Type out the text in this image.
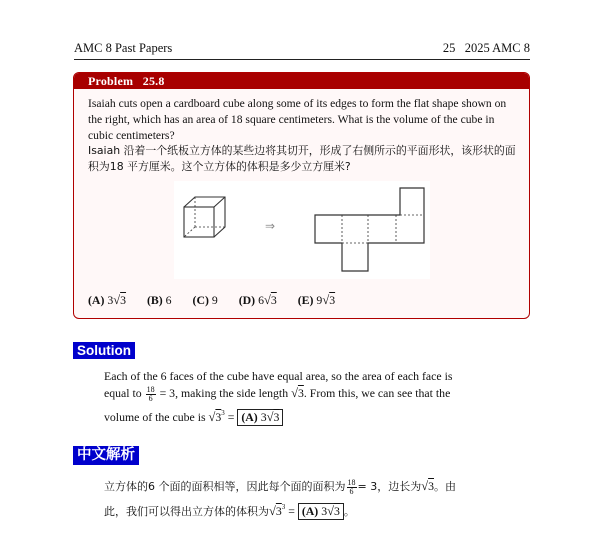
AMC 8 Past Papers	25 2025 AMC 8
Problem   25.8
Isaiah cuts open a cardboard cube along some of its edges to form the flat shape shown on the right, which has an area of 18 square centimeters. What is the volume of the cube in cubic centimeters?
Isaiah 沿着一个纸板立方体的某些边将其切开，形成了右侧所示的平面形状，该形状的面积为18 平方厘米。这个立方体的体积是多少立方厘米?
⇒
(A) 3√3 (B) 6 (C) 9 (D) 6√3 (E) 9√3
Solution
Each of the 6 faces of the cube have equal area, so the area of each face is
equal to $\frac{18}{6} = 3$, making the side length √3. From this, we can see that the
volume of the cube is $√3^3 = (A)$ 3√3
中文解析
立方体的6 个面的面积相等，因此每个面的面积为 $\frac{18}{6} = 3$，边长为√3。由
此，我们可以得出立方体的体积为$√3^3 = (A)$ 3√3 。
